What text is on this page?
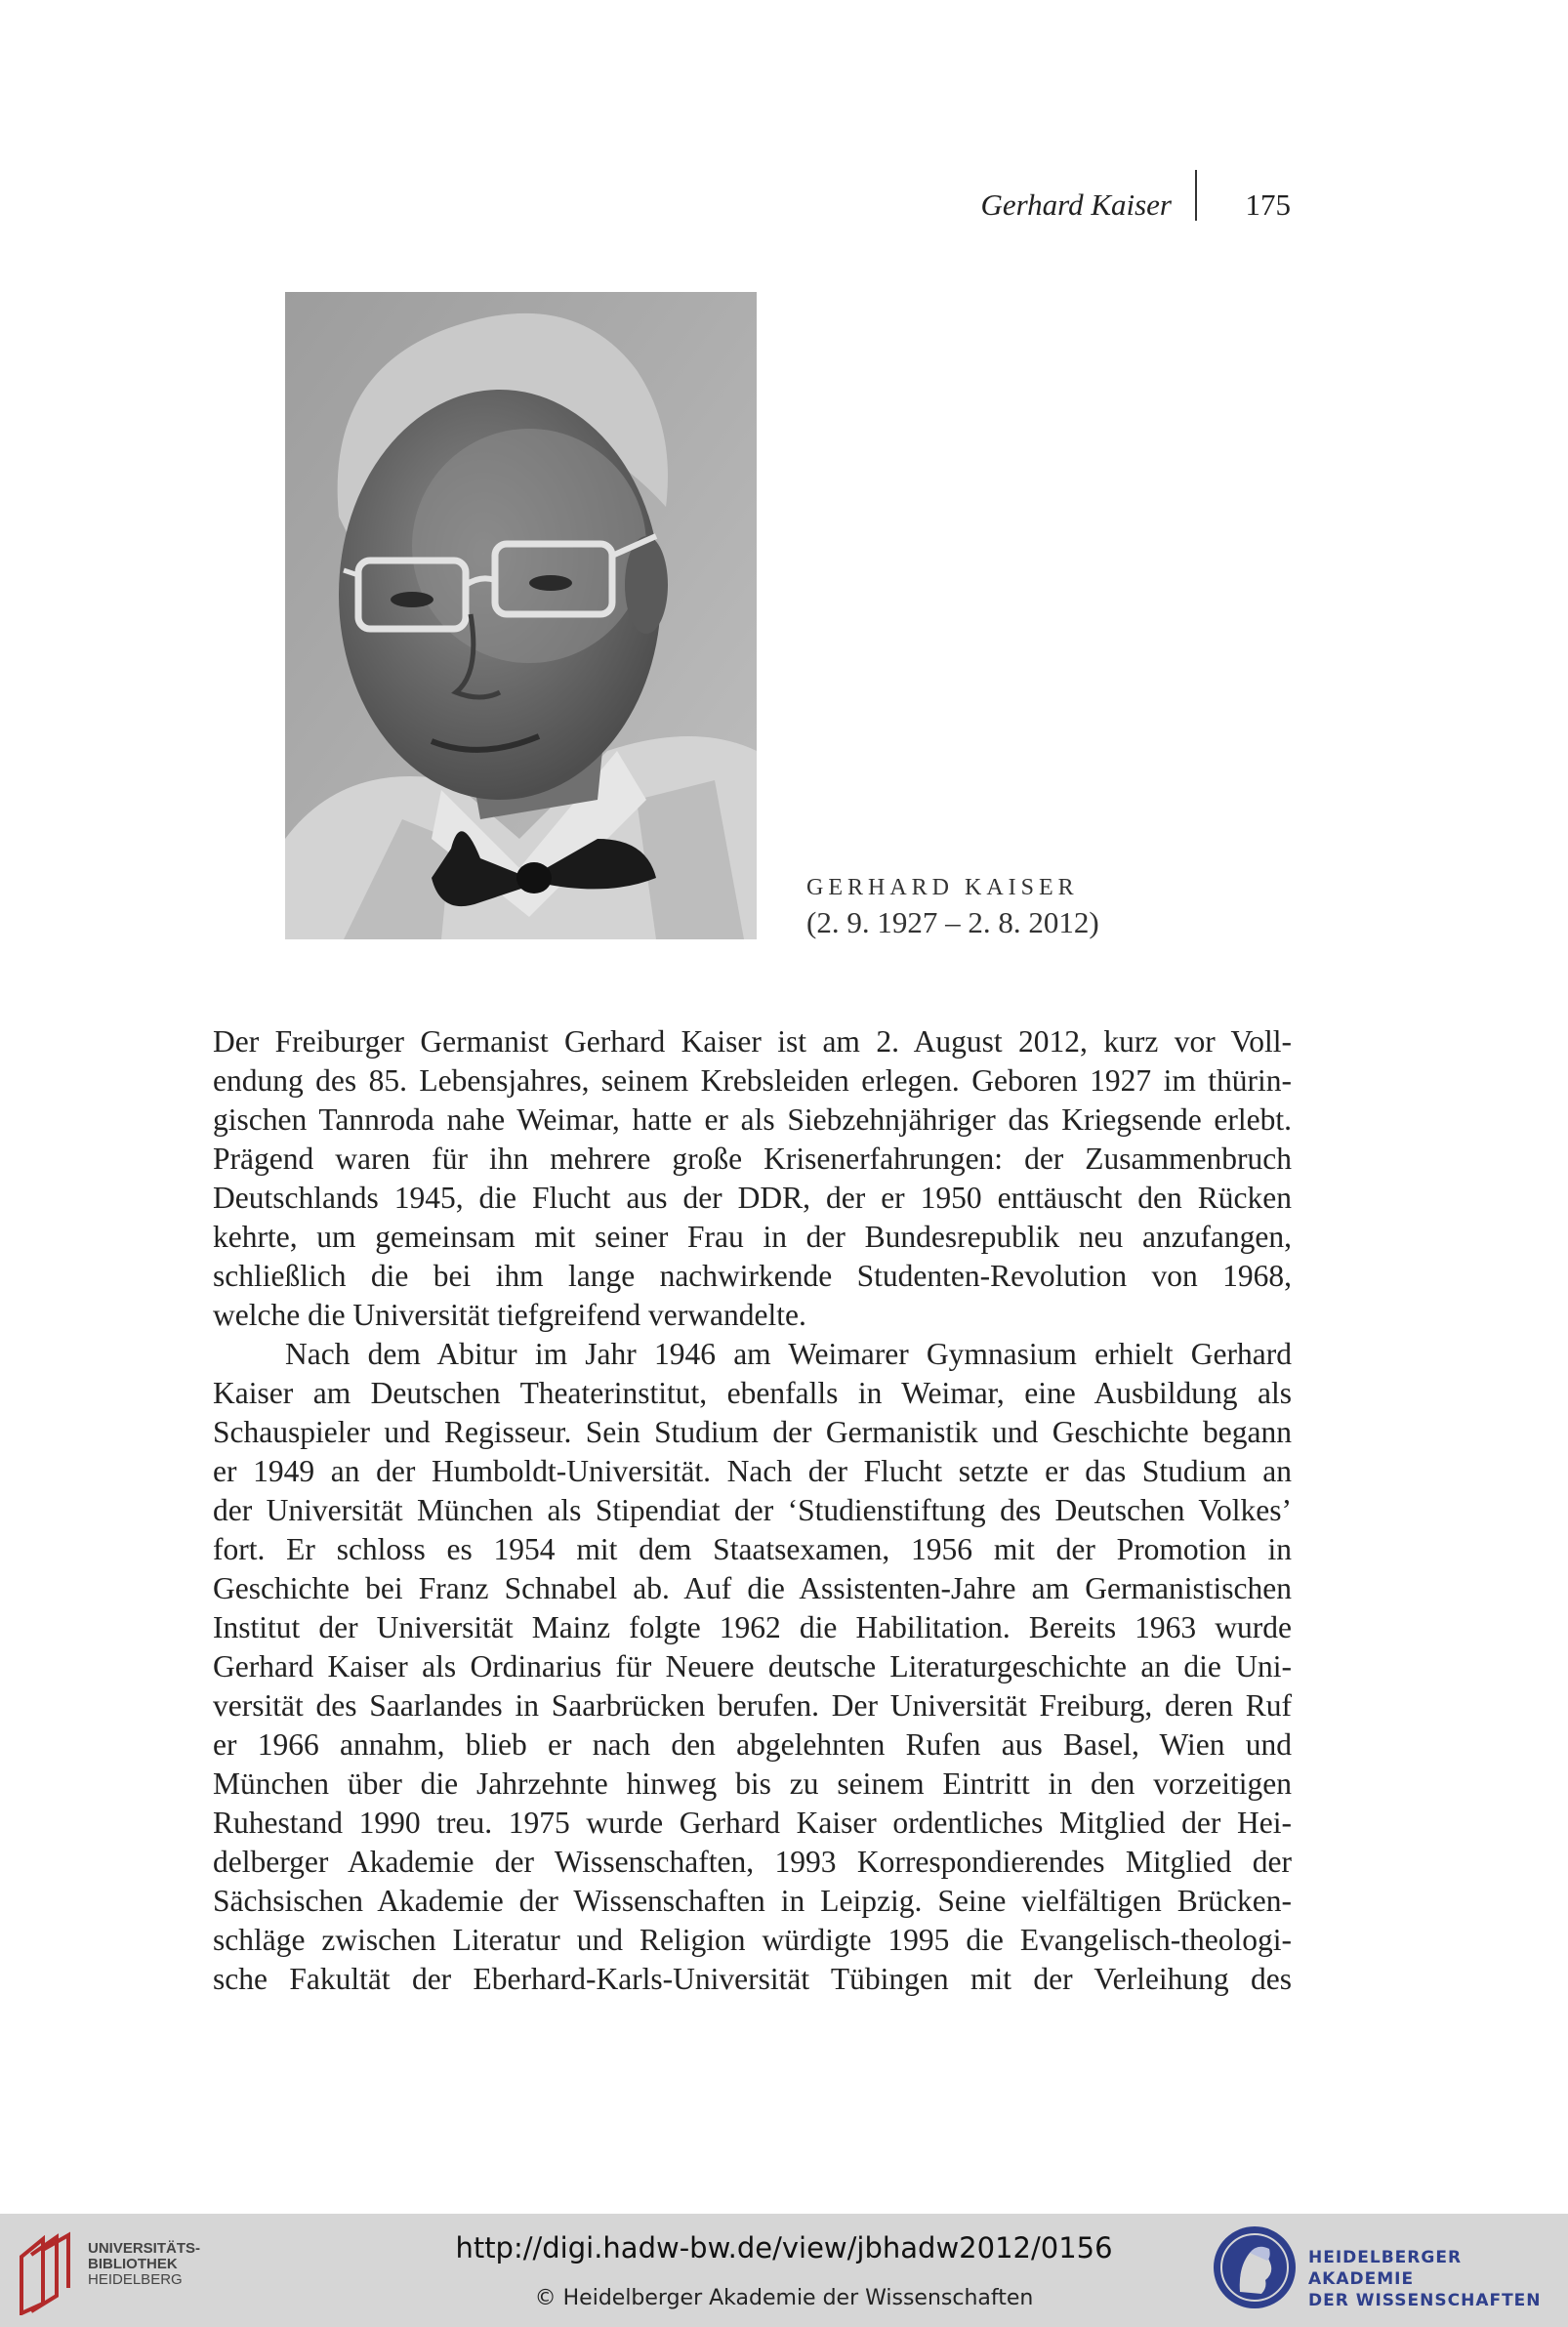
Gerhard Kaiser 175
GERHARD KAISER
(2. 9. 1927 – 2. 8. 2012)

Der Freiburger Germanist Gerhard Kaiser ist am 2. August 2012, kurz vor Voll-
endung des 85. Lebensjahres, seinem Krebsleiden erlegen. Geboren 1927 im thürin-
gischen Tannroda nahe Weimar, hatte er als Siebzehnjähriger das Kriegsende erlebt.
Prägend waren für ihn mehrere große Krisenerfahrungen: der Zusammenbruch
Deutschlands 1945, die Flucht aus der DDR, der er 1950 enttäuscht den Rücken
kehrte, um gemeinsam mit seiner Frau in der Bundesrepublik neu anzufangen,
schließlich die bei ihm lange nachwirkende Studenten-Revolution von 1968,
welche die Universität tiefgreifend verwandelte.

Nach dem Abitur im Jahr 1946 am Weimarer Gymnasium erhielt Gerhard
Kaiser am Deutschen Theaterinstitut, ebenfalls in Weimar, eine Ausbildung als
Schauspieler und Regisseur. Sein Studium der Germanistik und Geschichte begann
er 1949 an der Humboldt-Universität. Nach der Flucht setzte er das Studium an
der Universität München als Stipendiat der ‘Studienstiftung des Deutschen Volkes’
fort. Er schloss es 1954 mit dem Staatsexamen, 1956 mit der Promotion in
Geschichte bei Franz Schnabel ab. Auf die Assistenten-Jahre am Germanistischen
Institut der Universität Mainz folgte 1962 die Habilitation. Bereits 1963 wurde
Gerhard Kaiser als Ordinarius für Neuere deutsche Literaturgeschichte an die Uni-
versität des Saarlandes in Saarbrücken berufen. Der Universität Freiburg, deren Ruf
er 1966 annahm, blieb er nach den abgelehnten Rufen aus Basel, Wien und
München über die Jahrzehnte hinweg bis zu seinem Eintritt in den vorzeitigen
Ruhestand 1990 treu. 1975 wurde Gerhard Kaiser ordentliches Mitglied der Hei-
delberger Akademie der Wissenschaften, 1993 Korrespondierendes Mitglied der
Sächsischen Akademie der Wissenschaften in Leipzig. Seine vielfältigen Brücken-
schläge zwischen Literatur und Religion würdigte 1995 die Evangelisch-theologi-
sche Fakultät der Eberhard-Karls-Universität Tübingen mit der Verleihung des

UNIVERSITÄTS-
BIBLIOTHEK
HEIDELBERG
http://digi.hadw-bw.de/view/jbhadw2012/0156
© Heidelberger Akademie der Wissenschaften
HEIDELBERGER AKADEMIE
DER WISSENSCHAFTEN
